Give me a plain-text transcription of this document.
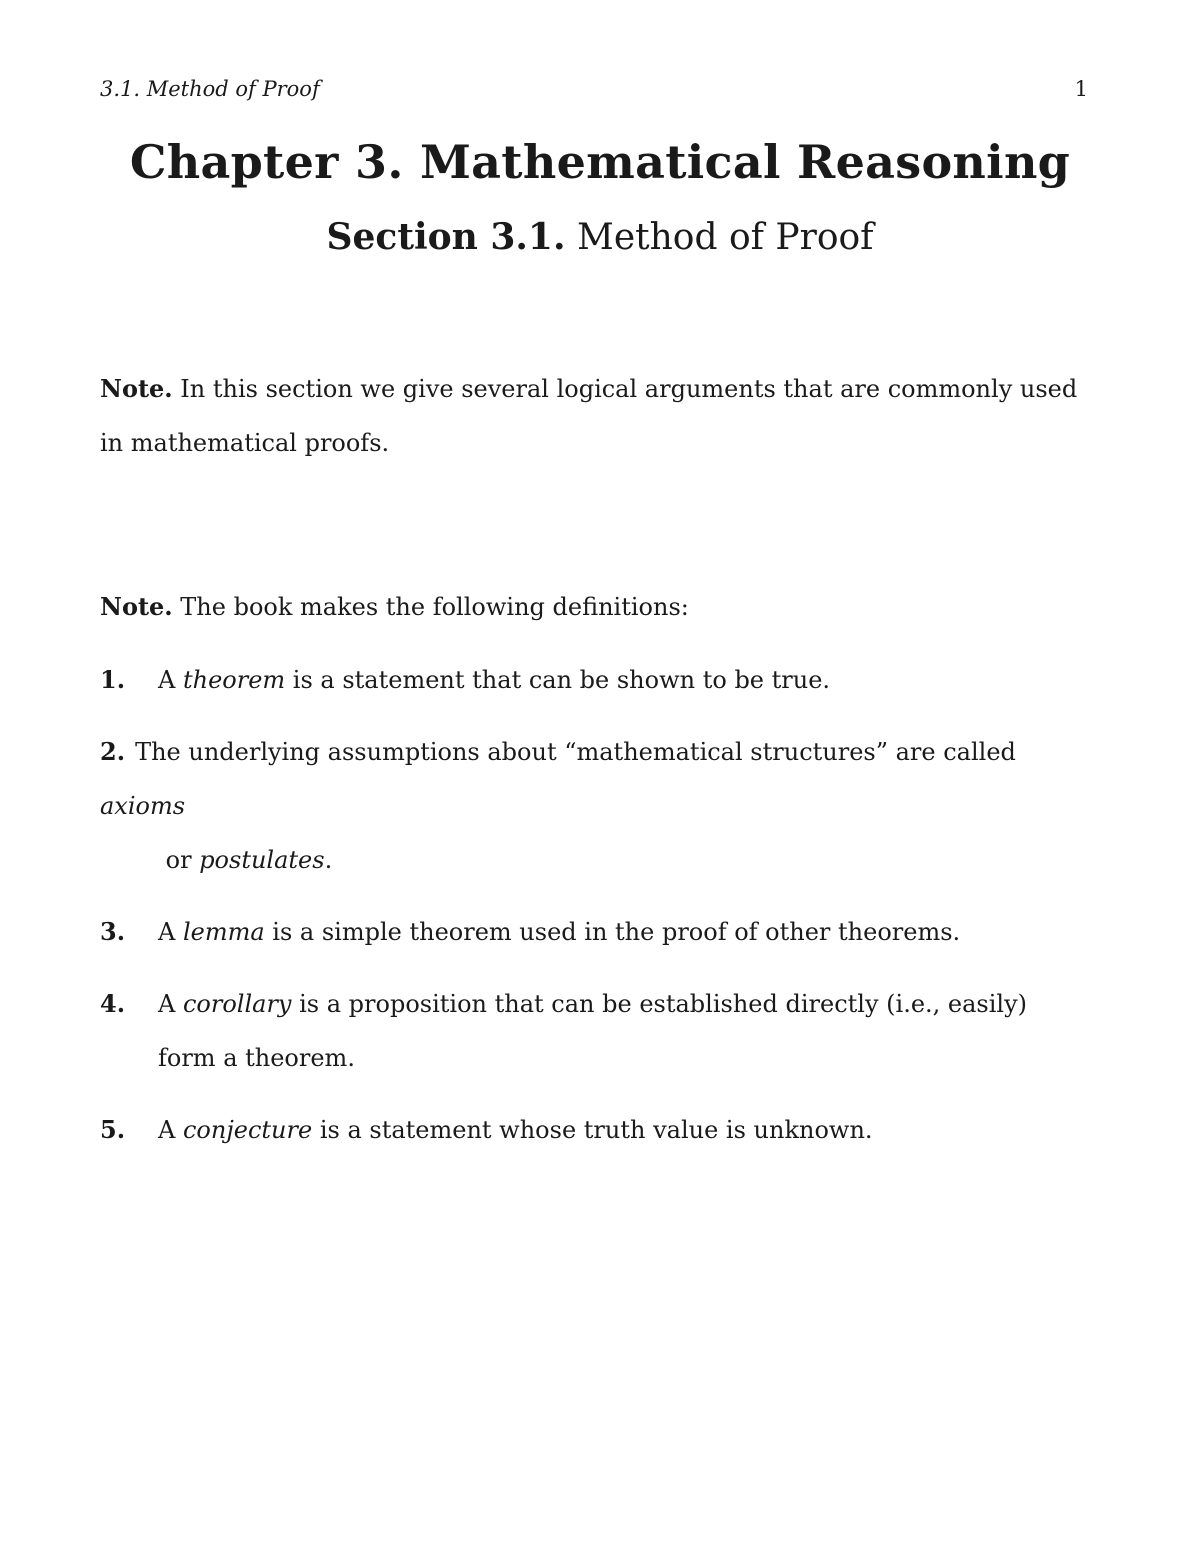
3.1. Method of Proof	1
Chapter 3. Mathematical Reasoning
Section 3.1. Method of Proof
Note. In this section we give several logical arguments that are commonly used in mathematical proofs.
Note. The book makes the following definitions:
1. A theorem is a statement that can be shown to be true.
2. The underlying assumptions about “mathematical structures” are called axioms
or postulates.
3. A lemma is a simple theorem used in the proof of other theorems.
4. A corollary is a proposition that can be established directly (i.e., easily) form a theorem.
5. A conjecture is a statement whose truth value is unknown.
